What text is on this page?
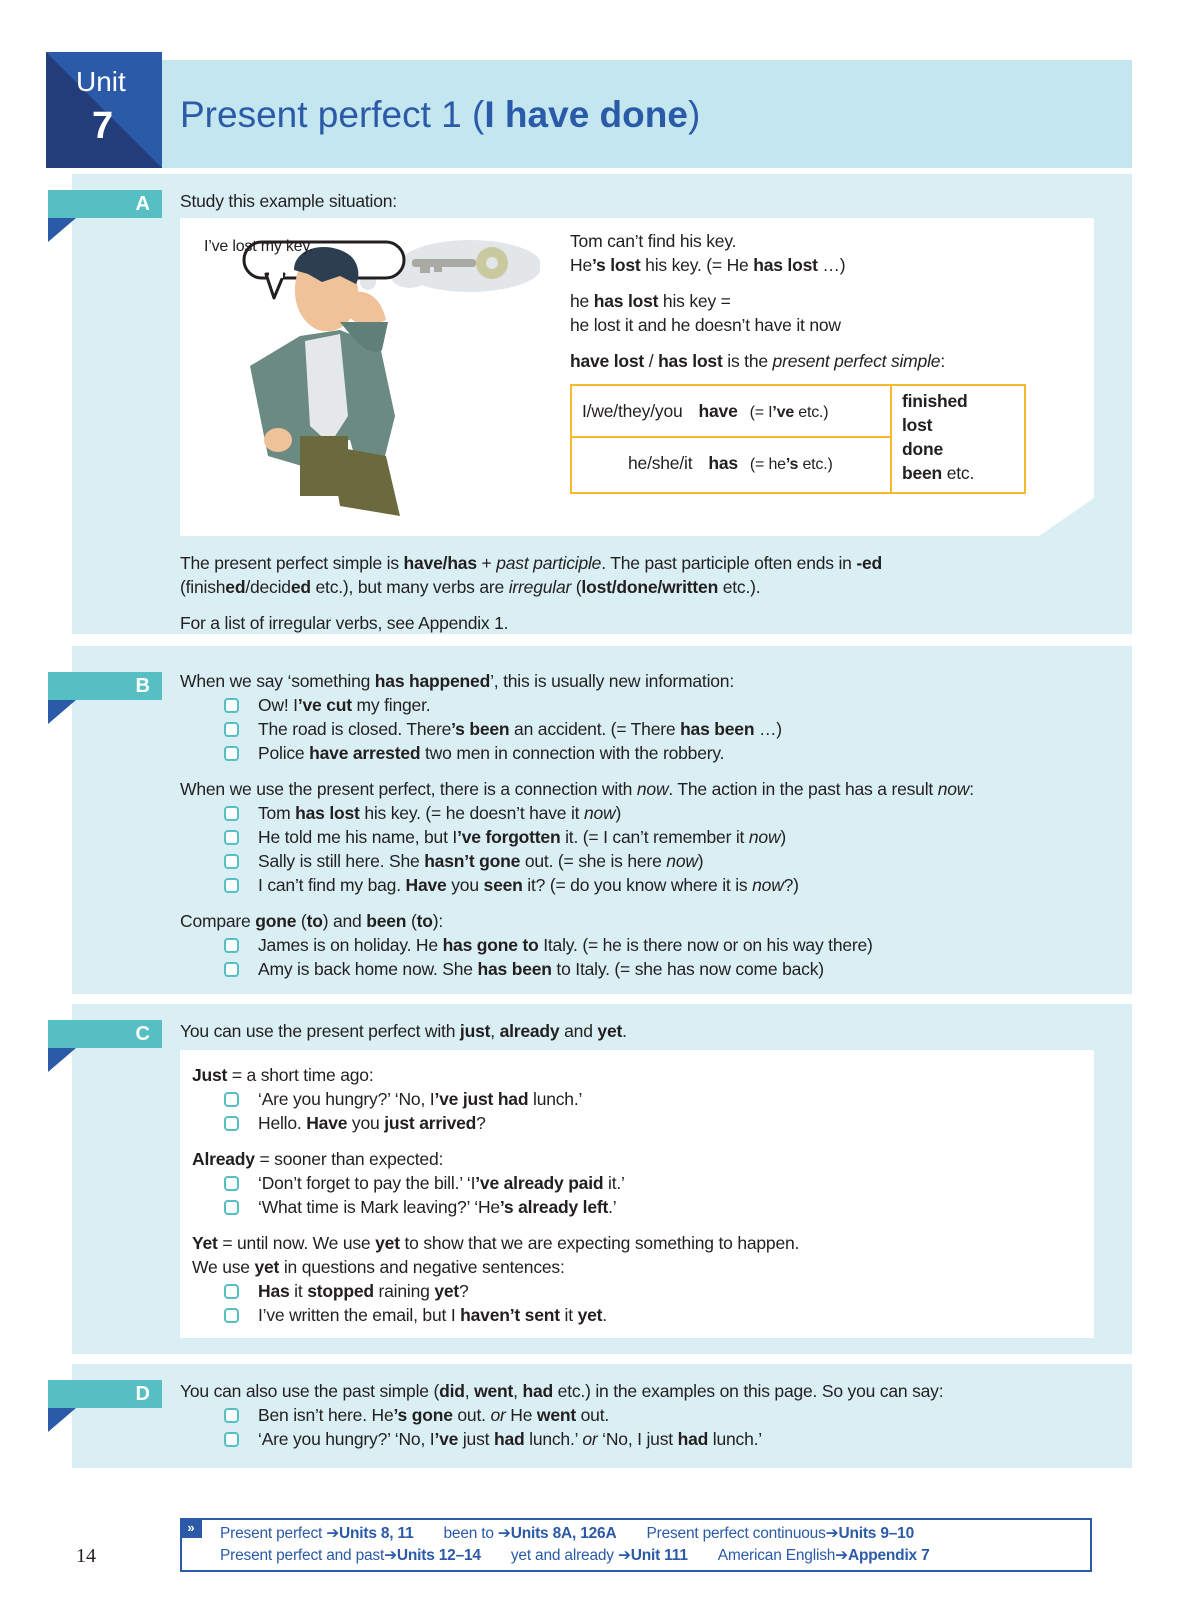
Unit
7 Present perfect 1 (I have done)
A Study this example situation:
I’ve lost my key.	Tom can’t find his key.
He’s lost his key. (= He has lost …)
he has lost his key =
he lost it and he doesn’t have it now
have lost / has lost is the present perfect simple:
I/we/they/you have (= I’ve etc.)
he/she/it has (= he’s etc.)
finished
lost
done
been etc.
The present perfect simple is have/has + past participle. The past participle often ends in -ed
(finished/decided etc.), but many verbs are irregular (lost/done/written etc.).
For a list of irregular verbs, see Appendix 1.
B When we say ‘something has happened’, this is usually new information:
Ow! I’ve cut my finger.
The road is closed. There’s been an accident. (= There has been …)
Police have arrested two men in connection with the robbery.
When we use the present perfect, there is a connection with now. The action in the past has a result now:
Tom has lost his key. (= he doesn’t have it now)
He told me his name, but I’ve forgotten it. (= I can’t remember it now)
Sally is still here. She hasn’t gone out. (= she is here now)
I can’t find my bag. Have you seen it? (= do you know where it is now?)
Compare gone (to) and been (to):
James is on holiday. He has gone to Italy. (= he is there now or on his way there)
Amy is back home now. She has been to Italy. (= she has now come back)
C You can use the present perfect with just, already and yet.
Just = a short time ago:
‘Are you hungry?’ ‘No, I’ve just had lunch.’
Hello. Have you just arrived?
Already = sooner than expected:
‘Don’t forget to pay the bill.’ ‘I’ve already paid it.’
‘What time is Mark leaving?’ ‘He’s already left.’
Yet = until now. We use yet to show that we are expecting something to happen.
We use yet in questions and negative sentences:
Has it stopped raining yet?
I’ve written the email, but I haven’t sent it yet.
D You can also use the past simple (did, went, had etc.) in the examples on this page. So you can say:
Ben isn’t here. He’s gone out. or He went out.
‘Are you hungry?’ ‘No, I’ve just had lunch.’ or ‘No, I just had lunch.’
14
»	Present perfect ➔Units 8, 11 been to ➔Units 8A, 126A Present perfect continuous➔Units 9–10
Present perfect and past➔Units 12–14 yet and already ➔Unit 111 American English➔Appendix 7
